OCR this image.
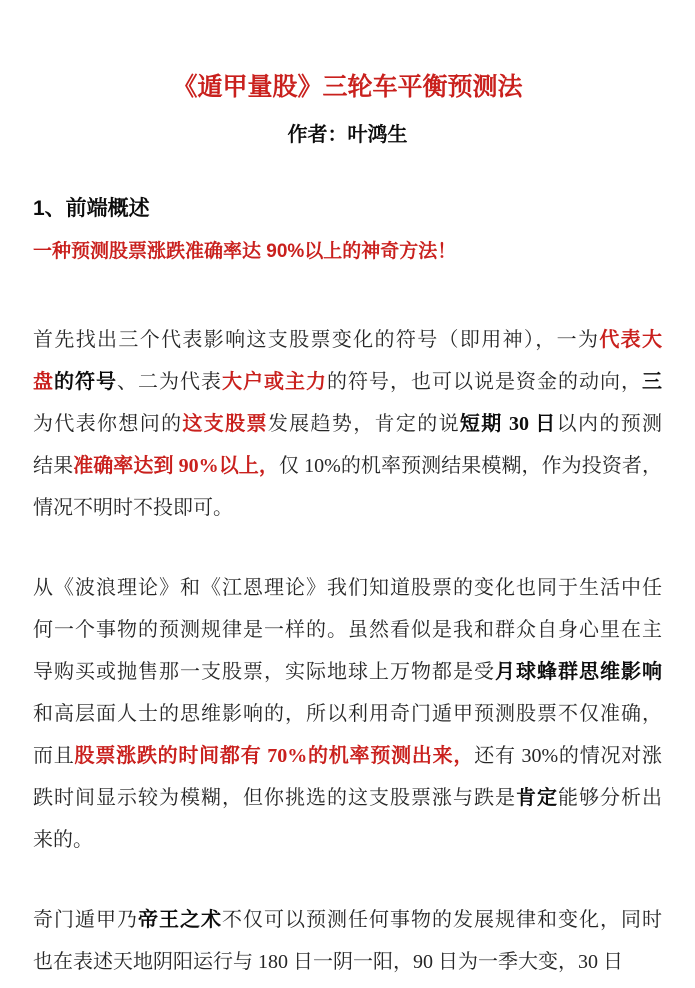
《遁甲量股》三轮车平衡预测法
作者：叶鸿生
1、前端概述
一种预测股票涨跌准确率达 90%以上的神奇方法！
首先找出三个代表影响这支股票变化的符号（即用神），一为代表大
盘的符号、二为代表大户或主力的符号，也可以说是资金的动向，三
为代表你想问的这支股票发展趋势，肯定的说短期 30 日以内的预测
结果准确率达到 90%以上，仅 10%的机率预测结果模糊，作为投资者，
情况不明时不投即可。
从《波浪理论》和《江恩理论》我们知道股票的变化也同于生活中任
何一个事物的预测规律是一样的。虽然看似是我和群众自身心里在主
导购买或抛售那一支股票，实际地球上万物都是受月球蜂群思维影响
和高层面人士的思维影响的，所以利用奇门遁甲预测股票不仅准确，
而且股票涨跌的时间都有 70%的机率预测出来，还有 30%的情况对涨
跌时间显示较为模糊，但你挑选的这支股票涨与跌是肯定能够分析出
来的。
奇门遁甲乃帝王之术不仅可以预测任何事物的发展规律和变化，同时
也在表述天地阴阳运行与 180 日一阴一阳，90 日为一季大变，30 日
